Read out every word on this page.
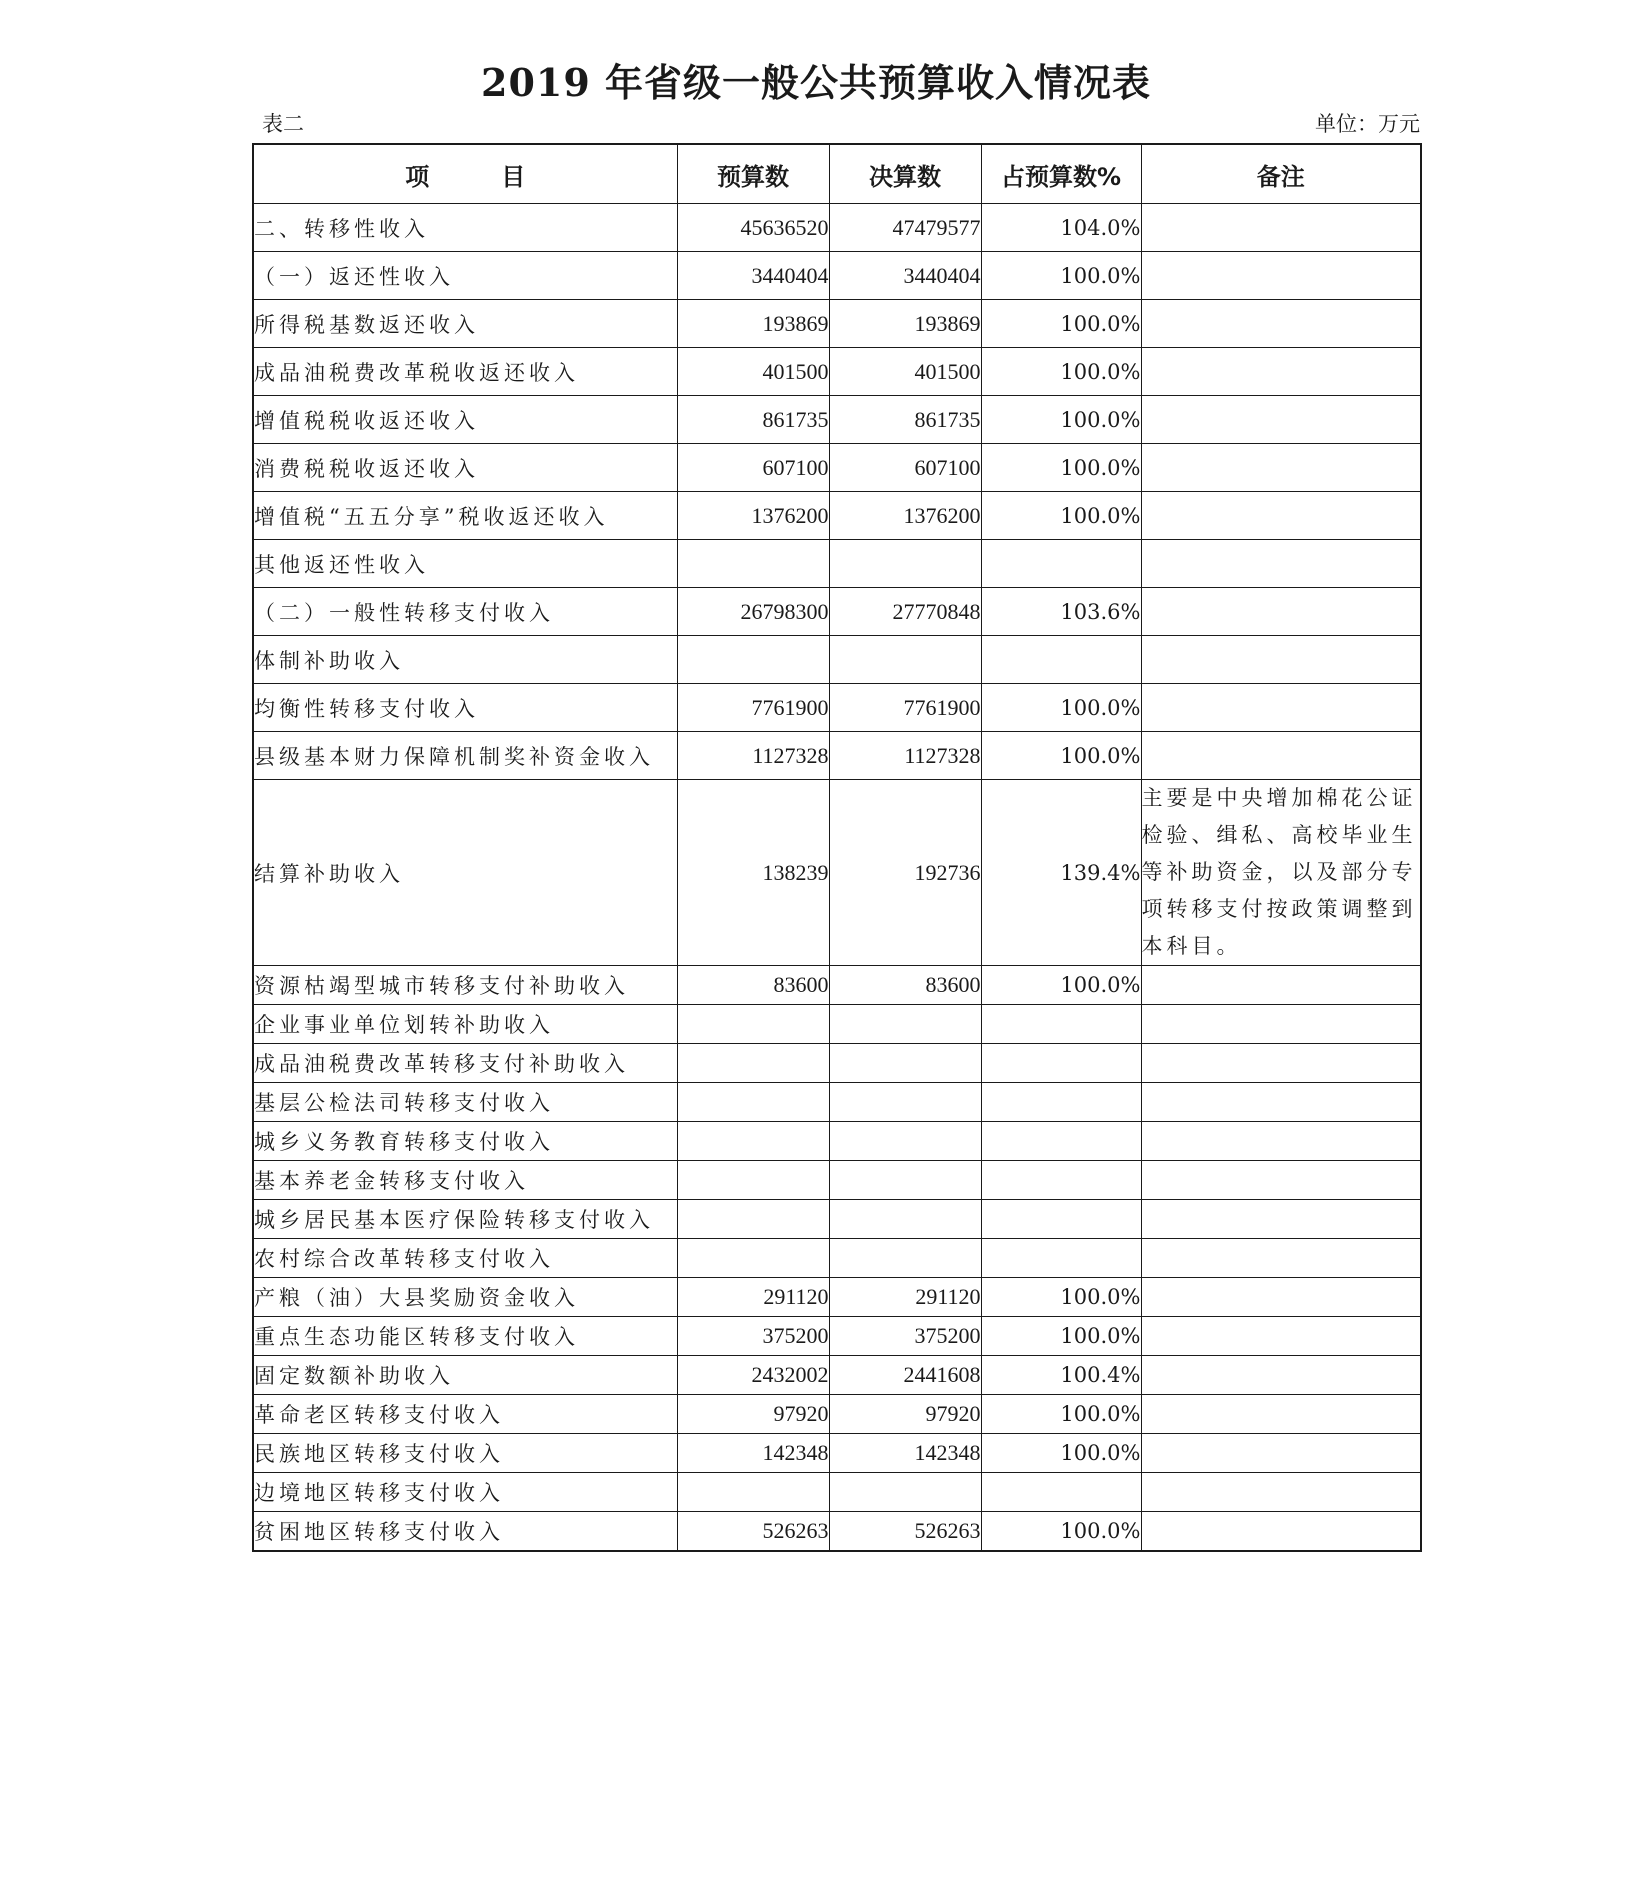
2019 年省级一般公共预算收入情况表
表二	单位：万元
项　　　目	预算数	决算数	占预算数%	备注
二、转移性收入	45636520	47479577	104.0%	
（一）返还性收入	3440404	3440404	100.0%	
所得税基数返还收入	193869	193869	100.0%	
成品油税费改革税收返还收入	401500	401500	100.0%	
增值税税收返还收入	861735	861735	100.0%	
消费税税收返还收入	607100	607100	100.0%	
增值税“五五分享”税收返还收入	1376200	1376200	100.0%	
其他返还性收入				
（二）一般性转移支付收入	26798300	27770848	103.6%	
体制补助收入				
均衡性转移支付收入	7761900	7761900	100.0%	
县级基本财力保障机制奖补资金收入	1127328	1127328	100.0%	
结算补助收入	138239	192736	139.4%	主要是中央增加棉花公证检验、缉私、高校毕业生等补助资金，以及部分专项转移支付按政策调整到本科目。
资源枯竭型城市转移支付补助收入	83600	83600	100.0%	
企业事业单位划转补助收入				
成品油税费改革转移支付补助收入				
基层公检法司转移支付收入				
城乡义务教育转移支付收入				
基本养老金转移支付收入				
城乡居民基本医疗保险转移支付收入				
农村综合改革转移支付收入				
产粮（油）大县奖励资金收入	291120	291120	100.0%	
重点生态功能区转移支付收入	375200	375200	100.0%	
固定数额补助收入	2432002	2441608	100.4%	
革命老区转移支付收入	97920	97920	100.0%	
民族地区转移支付收入	142348	142348	100.0%	
边境地区转移支付收入				
贫困地区转移支付收入	526263	526263	100.0%	
